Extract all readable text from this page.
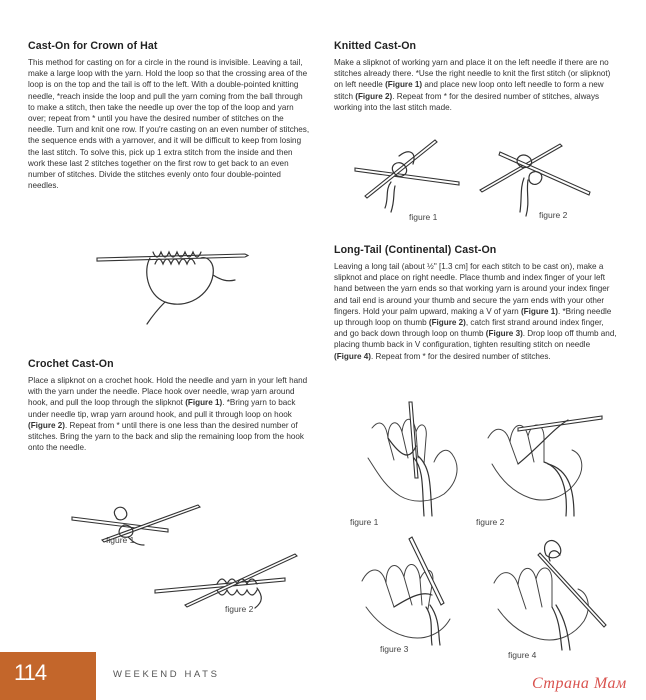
Cast-On for Crown of Hat

This method for casting on for a circle in the round is invisible. Leaving a tail, make a large loop with the yarn. Hold the loop so that the crossing area of the loop is on the top and the tail is off to the left. With a double-pointed knitting needle, *reach inside the loop and pull the yarn coming from the ball through to make a stitch, then take the needle up over the top of the loop and yarn over; repeat from * until you have the desired number of stitches on the needle. Turn and knit one row. If you're casting on an even number of stitches, the sequence ends with a yarnover, and it will be difficult to keep from losing the last stitch. To solve this, pick up 1 extra stitch from the inside and then work these last 2 stitches together on the first row to get back to an even number of stitches. Divide the stitches evenly onto four double-pointed needles.

Crochet Cast-On

Place a slipknot on a crochet hook. Hold the needle and yarn in your left hand with the yarn under the needle. Place hook over needle, wrap yarn around hook, and pull the loop through the slipknot (Figure 1). *Bring yarn to back under needle tip, wrap yarn around hook, and pull it through loop on hook (Figure 2). Repeat from * until there is one less than the desired number of stitches. Bring the yarn to the back and slip the remaining loop from the hook onto the needle.

figure 1
figure 2
Knitted Cast-On

Make a slipknot of working yarn and place it on the left needle if there are no stitches already there. *Use the right needle to knit the first stitch (or slipknot) on left needle (Figure 1) and place new loop onto left needle to form a new stitch (Figure 2). Repeat from * for the desired number of stitches, always working into the last stitch made.

Long-Tail (Continental) Cast-On

Leaving a long tail (about ½" [1.3 cm] for each stitch to be cast on), make a slipknot and place on right needle. Place thumb and index finger of your left hand between the yarn ends so that working yarn is around your index finger and tail end is around your thumb and secure the yarn ends with your other fingers. Hold your palm upward, making a V of yarn (Figure 1). *Bring needle up through loop on thumb (Figure 2), catch first strand around index finger, and go back down through loop on thumb (Figure 3). Drop loop off thumb and, placing thumb back in V configuration, tighten resulting stitch on needle (Figure 4). Repeat from * for the desired number of stitches.

figure 1	figure 2
figure 1	figure 2
figure 3
figure 4
114	WEEKEND HATS
Страна Мам
